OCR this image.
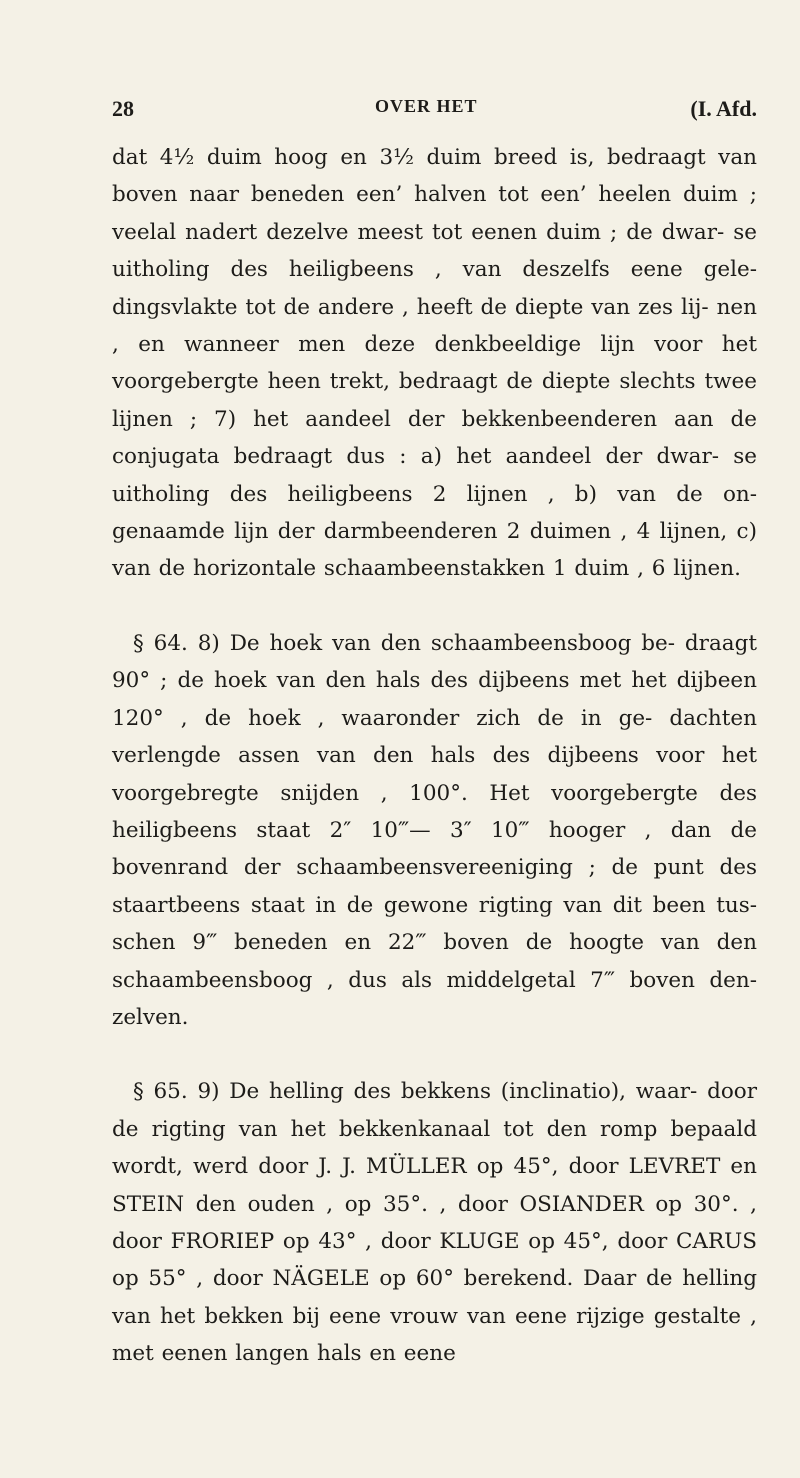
28	OVER HET	(I. Afd.

dat 4½ duim hoog en 3½ duim breed is, bedraagt van boven naar beneden een’ halven tot een’ heelen duim ; veelal nadert dezelve meest tot eenen duim ; de dwar- se uitholing des heiligbeens , van deszelfs eene gele- dingsvlakte tot de andere , heeft de diepte van zes lij- nen , en wanneer men deze denkbeeldige lijn voor het voorgebergte heen trekt, bedraagt de diepte slechts twee lijnen ; 7) het aandeel der bekkenbeenderen aan de conjugata bedraagt dus : a) het aandeel der dwar- se uitholing des heiligbeens 2 lijnen , b) van de on- genaamde lijn der darmbeenderen 2 duimen , 4 lijnen, c) van de horizontale schaambeenstakken 1 duim , 6 lijnen.

§ 64. 8) De hoek van den schaambeensboog be- draagt 90° ; de hoek van den hals des dijbeens met het dijbeen 120° , de hoek , waaronder zich de in ge- dachten verlengde assen van den hals des dijbeens voor het voorgebregte snijden , 100°. Het voorgebergte des heiligbeens staat 2″ 10‴— 3″ 10‴ hooger , dan de bovenrand der schaambeensvereeniging ; de punt des staartbeens staat in de gewone rigting van dit been tus- schen 9‴ beneden en 22‴ boven de hoogte van den schaambeensboog , dus als middelgetal 7‴ boven den- zelven.

§ 65. 9) De helling des bekkens (inclinatio), waar- door de rigting van het bekkenkanaal tot den romp bepaald wordt, werd door J. J. MÜLLER op 45°, door LEVRET en STEIN den ouden , op 35°. , door OSIANDER op 30°. , door FRORIEP op 43° , door KLUGE op 45°, door CARUS op 55° , door NÄGELE op 60° berekend. Daar de helling van het bekken bij eene vrouw van eene rijzige gestalte , met eenen langen hals en eene
